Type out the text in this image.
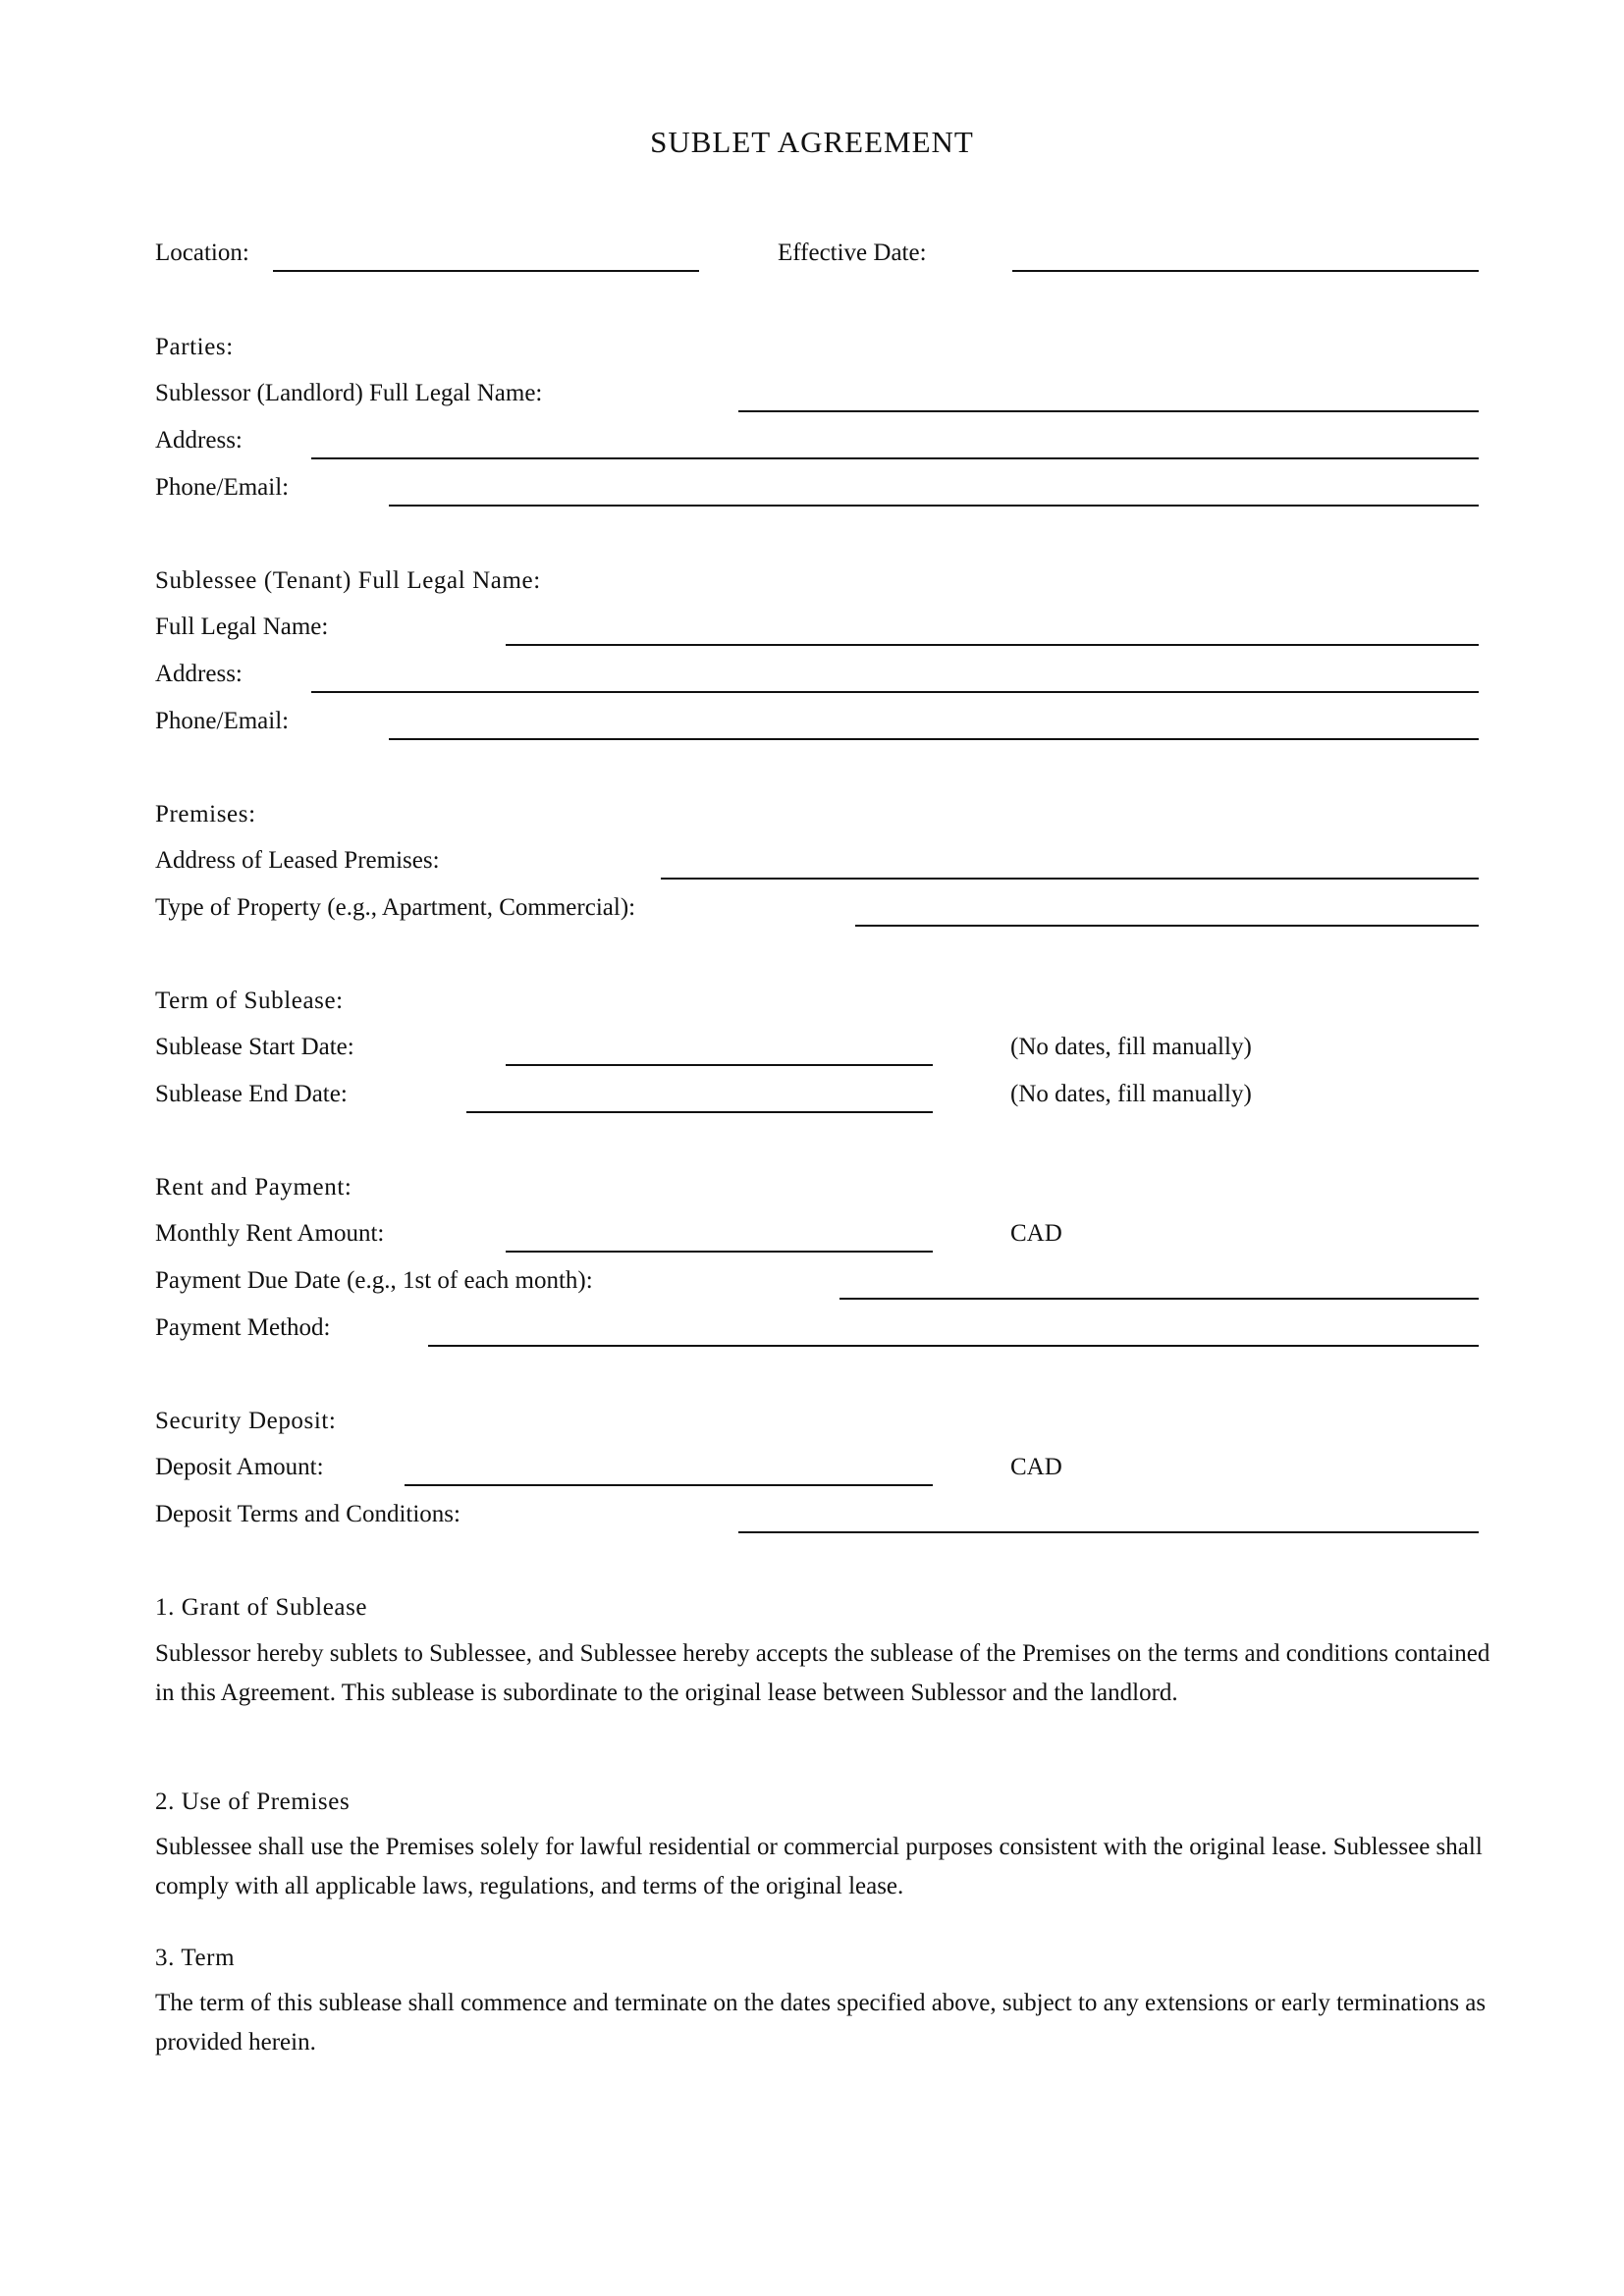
SUBLET AGREEMENT
Location:	Effective Date:
Parties:
Sublessor (Landlord) Full Legal Name:
Address:
Phone/Email:
Sublessee (Tenant) Full Legal Name:
Full Legal Name:
Address:
Phone/Email:
Premises:
Address of Leased Premises:
Type of Property (e.g., Apartment, Commercial):
Term of Sublease:
Sublease Start Date:	(No dates, fill manually)
Sublease End Date:	(No dates, fill manually)
Rent and Payment:
Monthly Rent Amount:	CAD
Payment Due Date (e.g., 1st of each month):
Payment Method:
Security Deposit:
Deposit Amount:	CAD
Deposit Terms and Conditions:
1. Grant of Sublease
Sublessor hereby sublets to Sublessee, and Sublessee hereby accepts the sublease of the Premises on the terms and conditions contained in this Agreement. This sublease is subordinate to the original lease between Sublessor and the landlord.
2. Use of Premises
Sublessee shall use the Premises solely for lawful residential or commercial purposes consistent with the original lease. Sublessee shall comply with all applicable laws, regulations, and terms of the original lease.
3. Term
The term of this sublease shall commence and terminate on the dates specified above, subject to any extensions or early terminations as provided herein.
